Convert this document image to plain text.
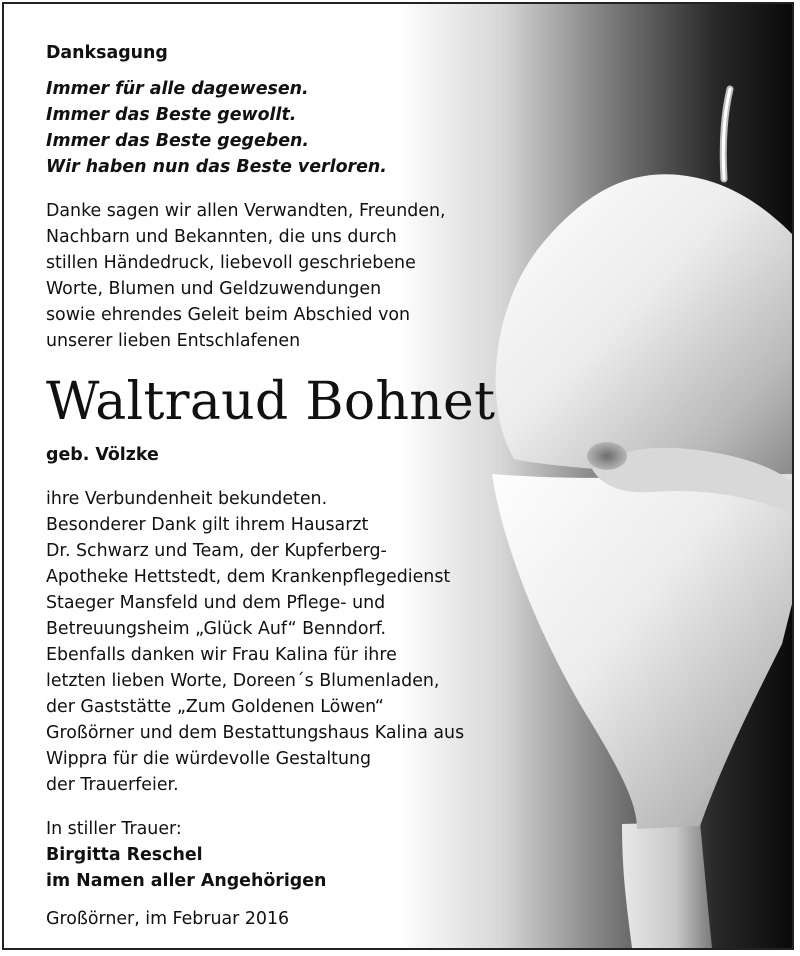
Danksagung
Immer für alle dagewesen.
Immer das Beste gewollt.
Immer das Beste gegeben.
Wir haben nun das Beste verloren.
Danke sagen wir allen Verwandten, Freunden,
Nachbarn und Bekannten, die uns durch
stillen Händedruck, liebevoll geschriebene
Worte, Blumen und Geldzuwendungen
sowie ehrendes Geleit beim Abschied von
unserer lieben Entschlafenen
Waltraud Bohnet
geb. Völzke
ihre Verbundenheit bekundeten.
Besonderer Dank gilt ihrem Hausarzt
Dr. Schwarz und Team, der Kupferberg-
Apotheke Hettstedt, dem Krankenpflegedienst
Staeger Mansfeld und dem Pflege- und
Betreuungsheim „Glück Auf“ Benndorf.
Ebenfalls danken wir Frau Kalina für ihre
letzten lieben Worte, Doreen´s Blumenladen,
der Gaststätte „Zum Goldenen Löwen“
Großörner und dem Bestattungshaus Kalina aus
Wippra für die würdevolle Gestaltung
der Trauerfeier.
In stiller Trauer:
Birgitta Reschel
im Namen aller Angehörigen
Großörner, im Februar 2016
